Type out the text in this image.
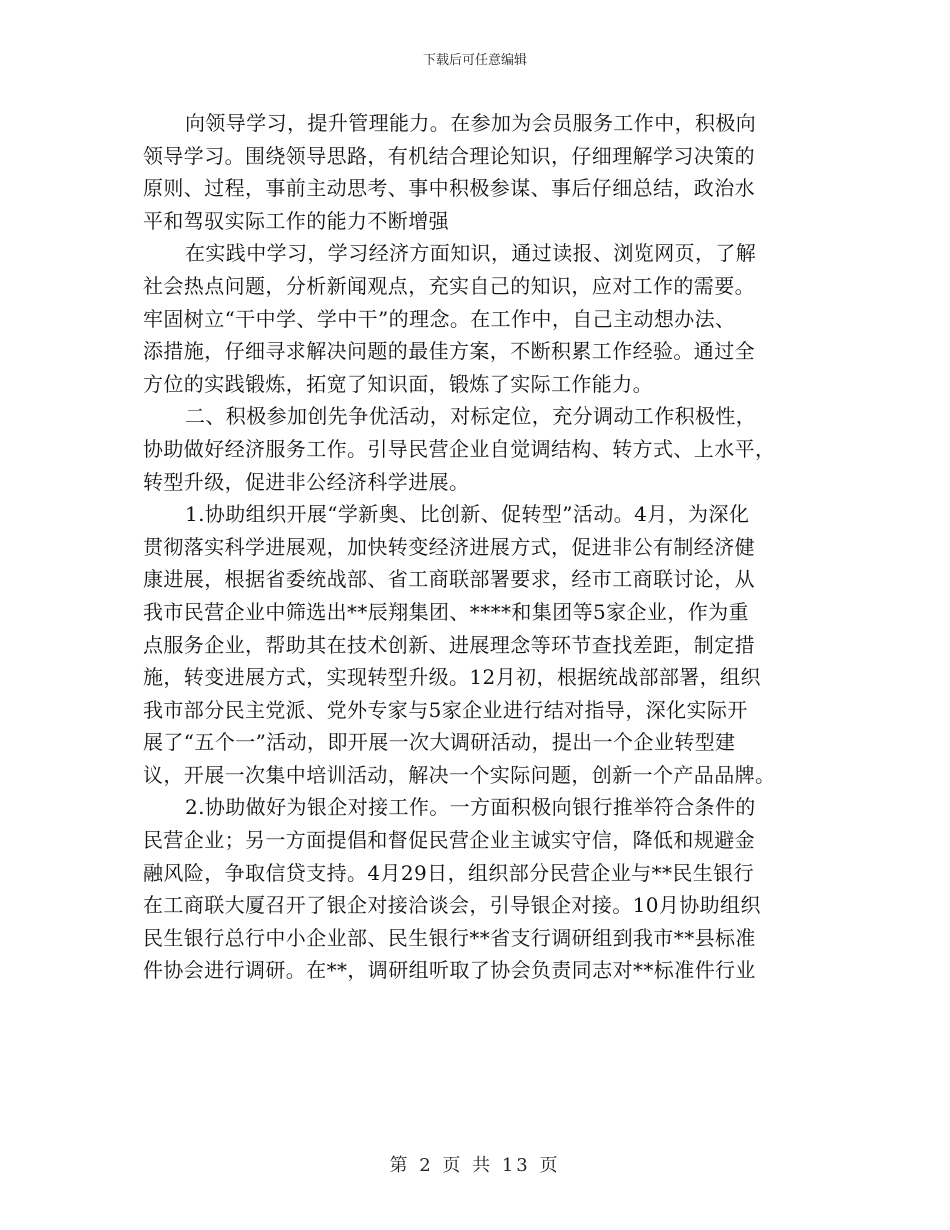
下载后可任意编辑
向领导学习，提升管理能力。在参加为会员服务工作中，积极向
领导学习。围绕领导思路，有机结合理论知识，仔细理解学习决策的
原则、过程，事前主动思考、事中积极参谋、事后仔细总结，政治水
平和驾驭实际工作的能力不断增强
在实践中学习，学习经济方面知识，通过读报、浏览网页，了解
社会热点问题，分析新闻观点，充实自己的知识，应对工作的需要。
牢固树立“干中学、学中干”的理念。在工作中，自己主动想办法、
添措施，仔细寻求解决问题的最佳方案，不断积累工作经验。通过全
方位的实践锻炼，拓宽了知识面，锻炼了实际工作能力。
二、积极参加创先争优活动，对标定位，充分调动工作积极性，
协助做好经济服务工作。引导民营企业自觉调结构、转方式、上水平，
转型升级，促进非公经济科学进展。
1.协助组织开展“学新奥、比创新、促转型”活动。4月，为深化
贯彻落实科学进展观，加快转变经济进展方式，促进非公有制经济健
康进展，根据省委统战部、省工商联部署要求，经市工商联讨论，从
我市民营企业中筛选出**辰翔集团、****和集团等5家企业，作为重
点服务企业，帮助其在技术创新、进展理念等环节查找差距，制定措
施，转变进展方式，实现转型升级。12月初，根据统战部部署，组织
我市部分民主党派、党外专家与5家企业进行结对指导，深化实际开
展了“五个一”活动，即开展一次大调研活动，提出一个企业转型建
议，开展一次集中培训活动，解决一个实际问题，创新一个产品品牌。
2.协助做好为银企对接工作。一方面积极向银行推举符合条件的
民营企业；另一方面提倡和督促民营企业主诚实守信，降低和规避金
融风险，争取信贷支持。4月29日，组织部分民营企业与**民生银行
在工商联大厦召开了银企对接洽谈会，引导银企对接。10月协助组织
民生银行总行中小企业部、民生银行**省支行调研组到我市**县标准
件协会进行调研。在**，调研组听取了协会负责同志对**标准件行业
第 2 页 共 13 页
